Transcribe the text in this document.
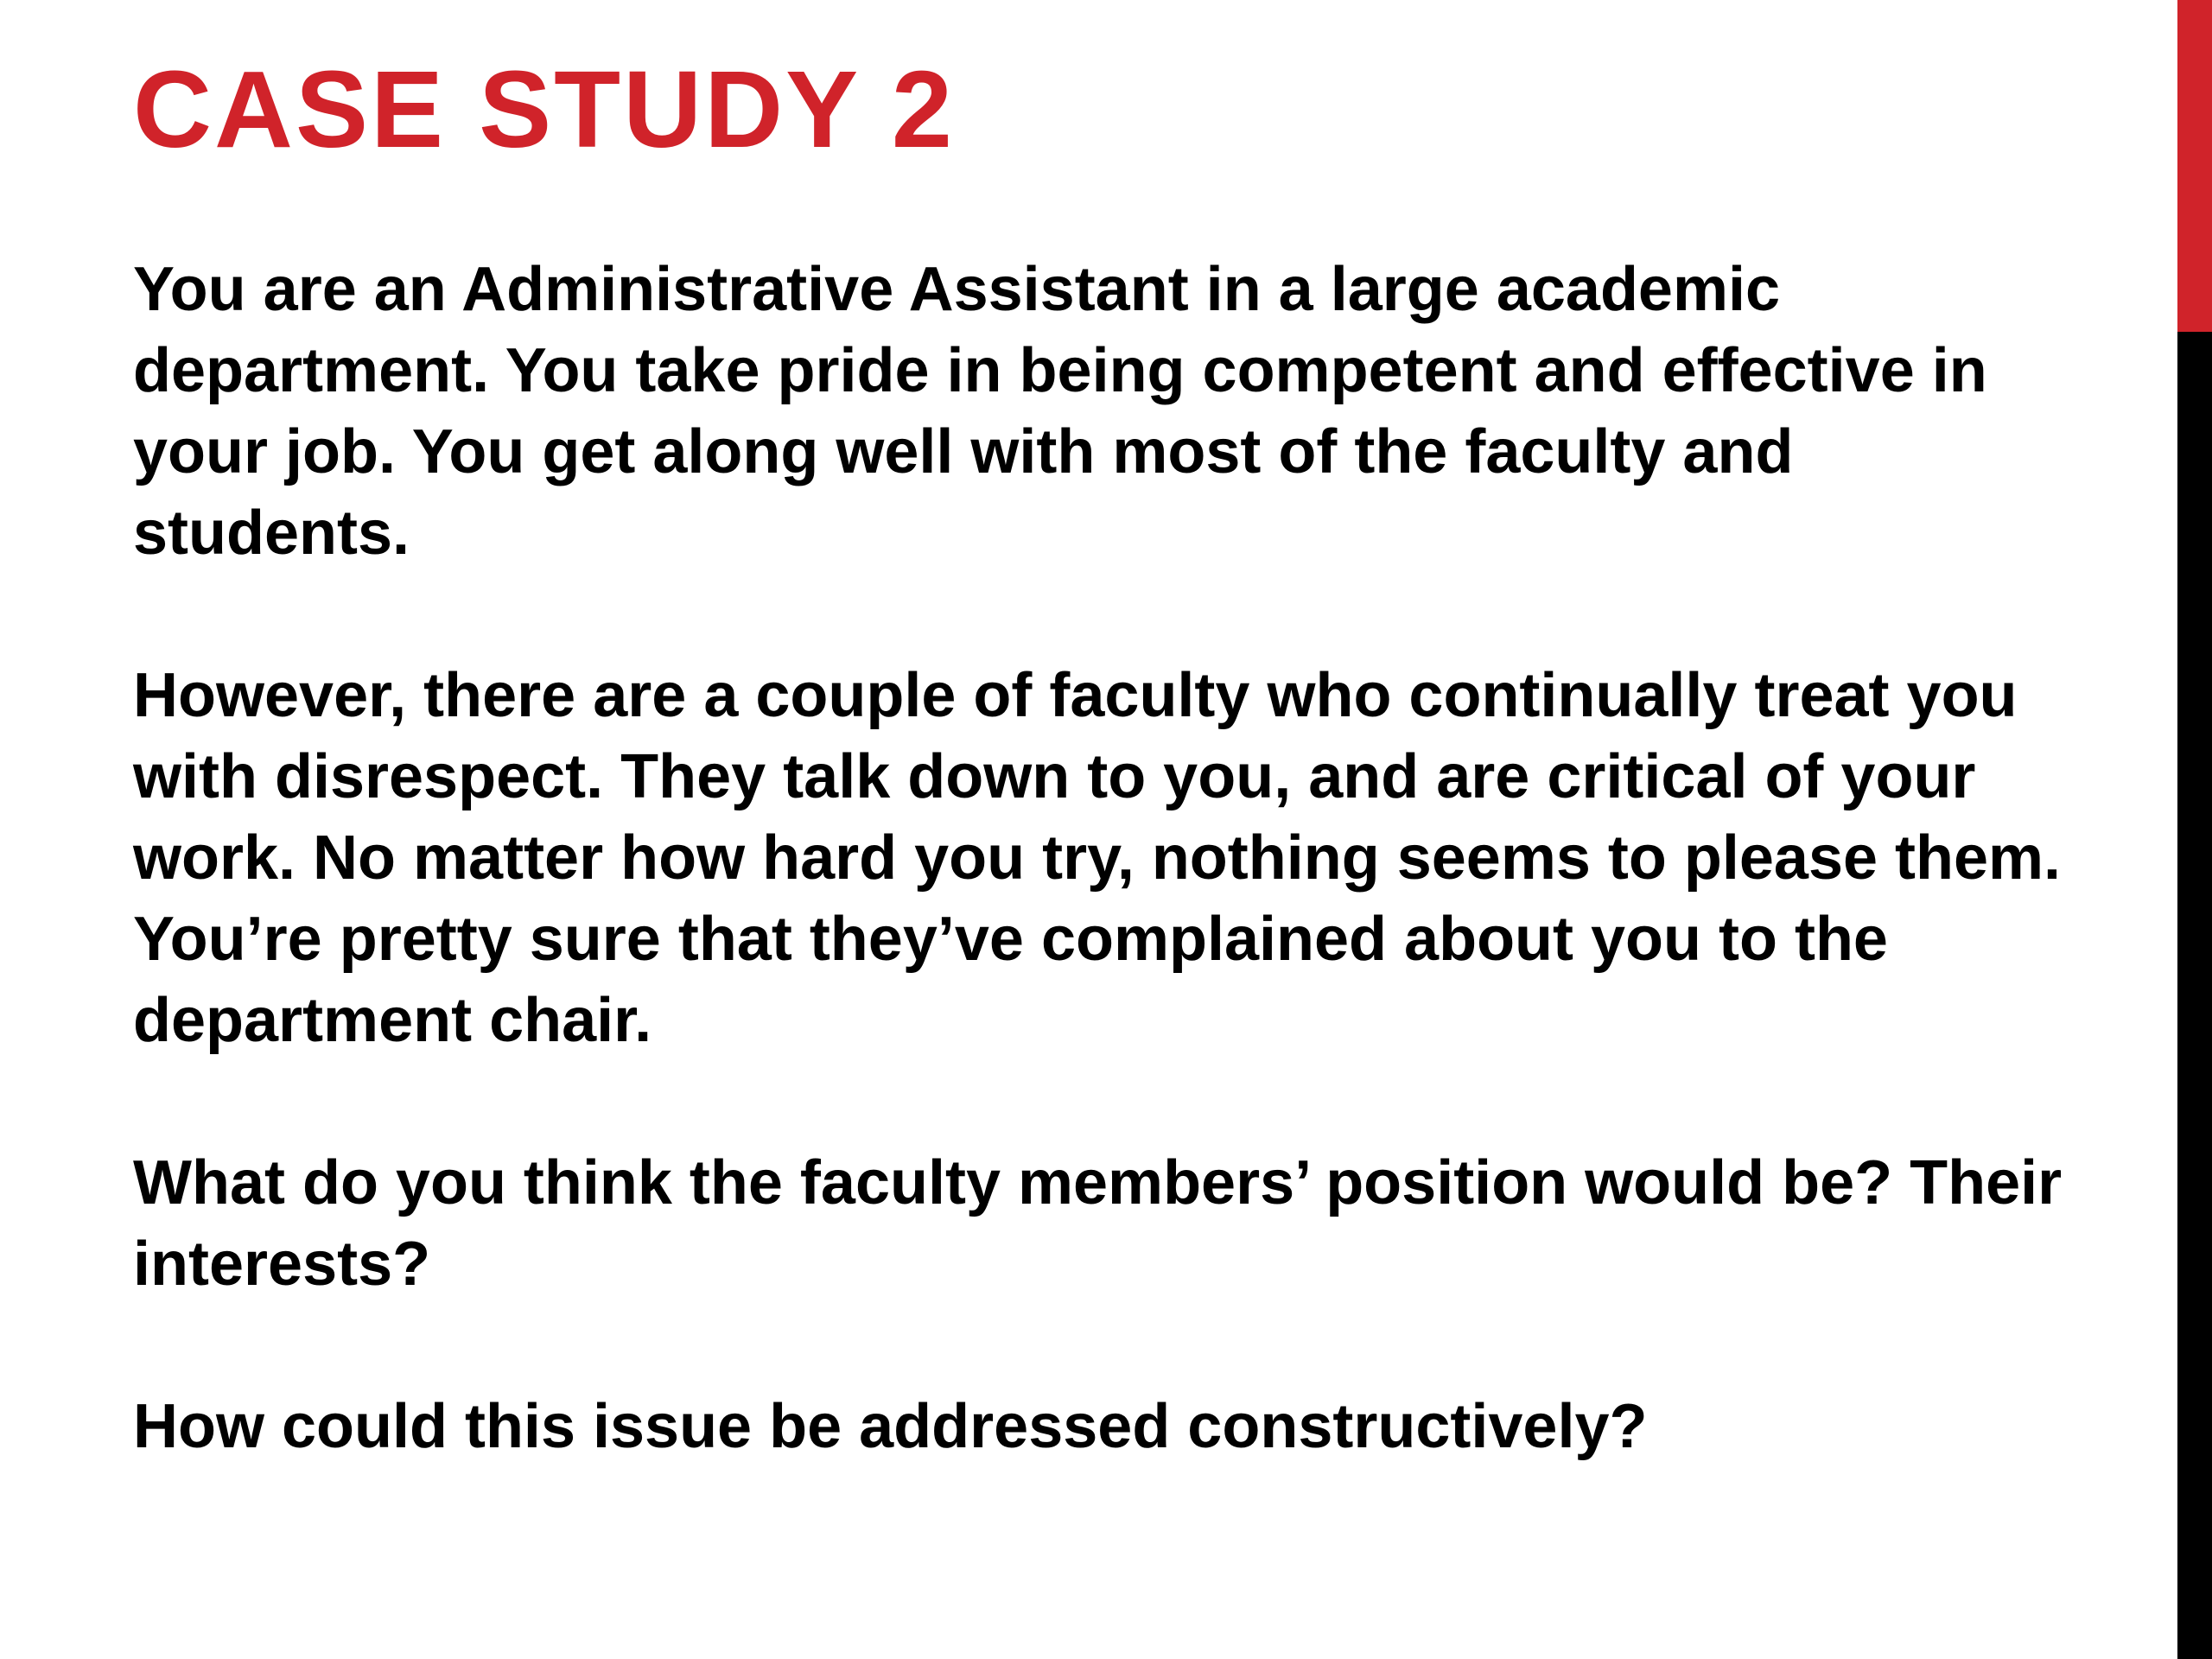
CASE STUDY 2

You are an Administrative Assistant in a large academic department. You take pride in being competent and effective in your job. You get along well with most of the faculty and students.

However, there are a couple of faculty who continually treat you with disrespect. They talk down to you, and are critical of your work. No matter how hard you try, nothing seems to please them. You’re pretty sure that they’ve complained about you to the department chair.

What do you think the faculty members’ position would be? Their interests?

How could this issue be addressed constructively?
